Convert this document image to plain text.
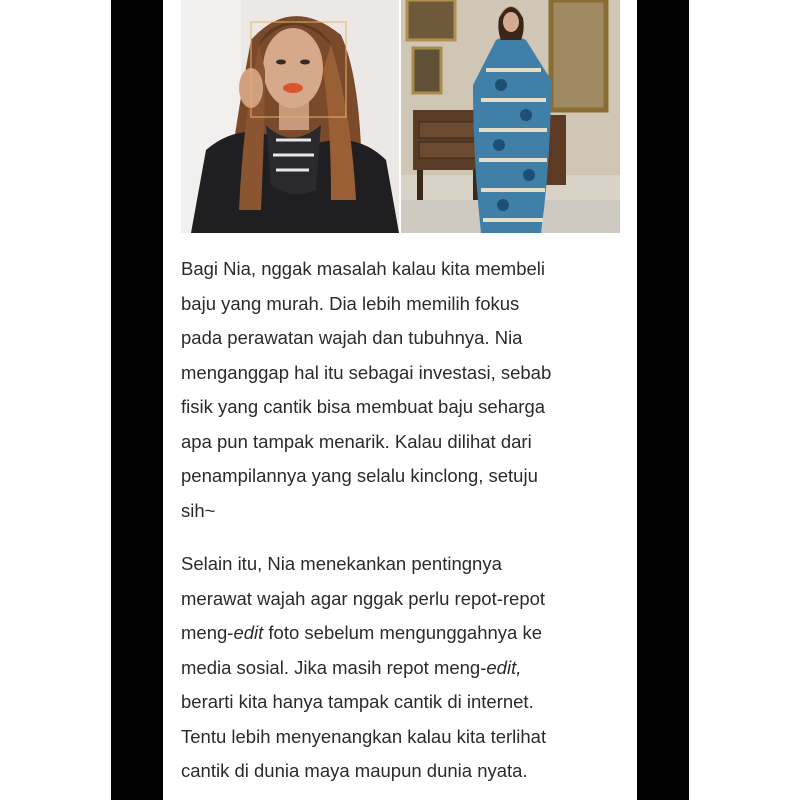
Bagi Nia, nggak masalah kalau kita membeli
baju yang murah. Dia lebih memilih fokus
pada perawatan wajah dan tubuhnya. Nia
menganggap hal itu sebagai investasi, sebab
fisik yang cantik bisa membuat baju seharga
apa pun tampak menarik. Kalau dilihat dari
penampilannya yang selalu kinclong, setuju
sih~

Selain itu, Nia menekankan pentingnya
merawat wajah agar nggak perlu repot-repot
meng-edit foto sebelum mengunggahnya ke
media sosial. Jika masih repot meng-edit,
berarti kita hanya tampak cantik di internet.
Tentu lebih menyenangkan kalau kita terlihat
cantik di dunia maya maupun dunia nyata.
